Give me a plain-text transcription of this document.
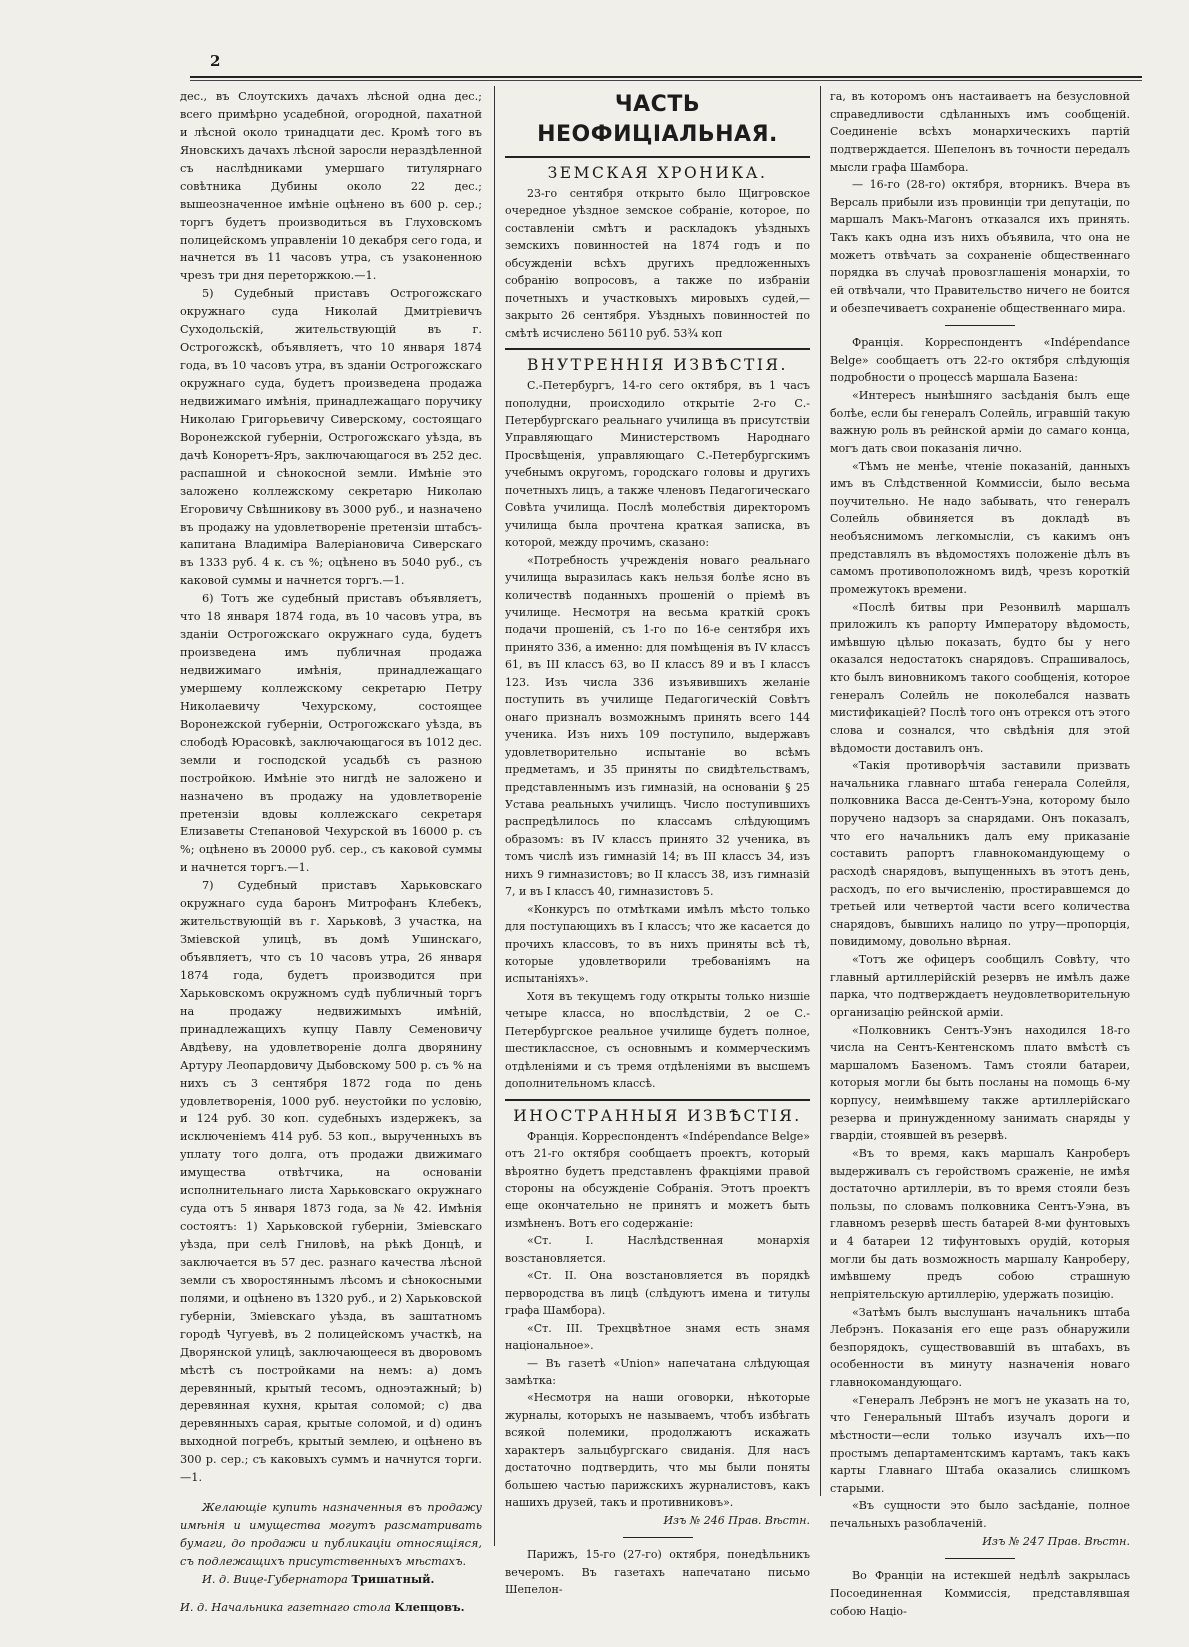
2

дес., въ Слоутскихъ дачахъ лѣсной одна дес.; всего примѣрно усадебной, огородной, пахатной и лѣсной около тринадцати дес. Кромѣ того въ Яновскихъ дачахъ лѣсной заросли нераздѣленной съ наслѣдниками умершаго титулярнаго совѣтника Дубины около 22 дес.; вышеозначенное имѣніе оцѣнено въ 600 р. сер.; торгъ будетъ производиться въ Глуховскомъ полицейскомъ управленіи 10 декабря сего года, и начнется въ 11 часовъ утра, съ узаконенною чрезъ три дня переторжкою.—1.

5) Судебный приставъ Острогожскаго окружнаго суда Николай Дмитріевичъ Суходольскій, жительствующій въ г. Острогожскѣ, объявляетъ, что 10 января 1874 года, въ 10 часовъ утра, въ зданіи Острогожскаго окружнаго суда, будетъ произведена продажа недвижимаго имѣнія, принадлежащаго поручику Николаю Григорьевичу Сиверскому, состоящаго Воронежской губерніи, Острогожскаго уѣзда, въ дачѣ Коноретъ-Яръ, заключающагося въ 252 дес. распашной и сѣнокосной земли. Имѣніе это заложено коллежскому секретарю Николаю Егоровичу Свѣшникову въ 3000 руб., и назначено въ продажу на удовлетвореніе претензіи штабсъ-капитана Владиміра Валеріановича Сиверскаго въ 1333 руб. 4 к. съ %; оцѣнено въ 5040 руб., съ каковой суммы и начнется торгъ.—1.

6) Тотъ же судебный приставъ объявляетъ, что 18 января 1874 года, въ 10 часовъ утра, въ зданіи Острогожскаго окружнаго суда, будетъ произведена имъ публичная продажа недвижимаго имѣнія, принадлежащаго умершему коллежскому секретарю Петру Николаевичу Чехурскому, состоящее Воронежской губерніи, Острогожскаго уѣзда, въ слободѣ Юрасовкѣ, заключающагося въ 1012 дес. земли и господской усадьбѣ съ разною постройкою. Имѣніе это нигдѣ не заложено и назначено въ продажу на удовлетвореніе претензіи вдовы коллежскаго секретаря Елизаветы Степановой Чехурской въ 16000 р. съ %; оцѣнено въ 20000 руб. сер., съ каковой суммы и начнется торгъ.—1.

7) Судебный приставъ Харьковскаго окружнаго суда баронъ Митрофанъ Клебекъ, жительствующій въ г. Харьковѣ, 3 участка, на Змiевской улицѣ, въ домѣ Ушинскаго, объявляетъ, что съ 10 часовъ утра, 26 января 1874 года, будетъ производится при Харьковскомъ окружномъ судѣ публичный торгъ на продажу недвижимыхъ имѣній, принадлежащихъ купцу Павлу Семеновичу Авдѣеву, на удовлетвореніе долга дворянину Артуру Леопардовичу Дыбовскому 500 р. съ % на нихъ съ 3 сентября 1872 года по день удовлетворенія, 1000 руб. неустойки по условію, и 124 руб. 30 коп. судебныхъ издержекъ, за исключеніемъ 414 руб. 53 коп., вырученныхъ въ уплату того долга, отъ продажи движимаго имущества отвѣтчика, на основаніи исполнительнаго листа Харьковскаго окружнаго суда отъ 5 января 1873 года, за № 42. Имѣнія состоятъ: 1) Харьковской губерніи, Змiевскаго уѣзда, при селѣ Гниловѣ, на рѣкѣ Донцѣ, и заключается въ 57 дес. разнаго качества лѣсной земли съ хворостяннымъ лѣсомъ и сѣнокосными полями, и оцѣнено въ 1320 руб., и 2) Харьковской губерніи, Змiевскаго уѣзда, въ заштатномъ городѣ Чугуевѣ, въ 2 полицейскомъ участкѣ, на Дворянской улицѣ, заключающееся въ дворовомъ мѣстѣ съ постройками на немъ: a) домъ деревянный, крытый тесомъ, одноэтажный; b) деревянная кухня, крытая соломой; c) два деревянныхъ сарая, крытые соломой, и d) одинъ выходной погребъ, крытый землею, и оцѣнено въ 300 р. сер.; съ каковыхъ суммъ и начнутся торги.—1.

Желающіе купить назначенныя въ продажу имѣнія и имущества могутъ разсматривать бумаги, до продажи и публикаціи относящіяся, съ подлежащихъ присутственныхъ мѣстахъ.

И. д. Вице-Губернатора Тришатный.

И. д. Начальника газетнаго стола Клепцовъ.

ЧАСТЬ НЕОФИЦІАЛЬНАЯ.
ЗЕМСКАЯ ХРОНИКА.

23-го сентября открыто было Щигровское очередное уѣздное земское собраніе, которое, по составленіи смѣтъ и раскладокъ уѣздныхъ земскихъ повинностей на 1874 годъ и по обсужденіи всѣхъ другихъ предложенныхъ собранію вопросовъ, а также по избраніи почетныхъ и участковыхъ мировыхъ судей,—закрыто 26 сентября. Уѣздныхъ повинностей по смѣтѣ исчислено 56110 руб. 53¾ коп

ВНУТРЕННІЯ ИЗВѢСТІЯ.

С.-Петербургъ, 14-го сего октября, въ 1 часъ пополудни, происходило открытіе 2-го С.-Петербургскаго реальнаго училища въ присутствіи Управляющаго Министерствомъ Народнаго Просвѣщенія, управляющаго С.-Петербургскимъ учебнымъ округомъ, городскаго головы и другихъ почетныхъ лицъ, а также членовъ Педагогическаго Совѣта училища. Послѣ молебствія директоромъ училища была прочтена краткая записка, въ которой, между прочимъ, сказано:

«Потребность учрежденія новаго реальнаго училища выразилась какъ нельзя болѣе ясно въ количествѣ поданныхъ прошеній о пріемѣ въ училище. Несмотря на весьма краткій срокъ подачи прошеній, съ 1-го по 16-е сентября ихъ принято 336, а именно: для помѣщенія въ IV классъ 61, въ III классъ 63, во II классъ 89 и въ I классъ 123. Изъ числа 336 изъявившихъ желаніе поступить въ училище Педагогическій Совѣтъ онаго призналъ возможнымъ принять всего 144 ученика. Изъ нихъ 109 поступило, выдержавъ удовлетворительно испытаніе во всѣмъ предметамъ, и 35 приняты по свидѣтельствамъ, представленнымъ изъ гимназій, на основаніи § 25 Устава реальныхъ училищъ. Число поступившихъ распредѣлилось по классамъ слѣдующимъ образомъ: въ IV классъ принято 32 ученика, въ томъ числѣ изъ гимназій 14; въ III классъ 34, изъ нихъ 9 гимназистовъ; во II классъ 38, изъ гимназій 7, и въ I классъ 40, гимназистовъ 5.

«Конкурсъ по отмѣтками имѣлъ мѣсто только для поступающихъ въ I классъ; что же касается до прочихъ классовъ, то въ нихъ приняты всѣ тѣ, которые удовлетворили требованіямъ на испытаніяхъ».

Хотя въ текущемъ году открыты только низшіе четыре класса, но впослѣдствіи, 2 ое С.-Петербургское реальное училище будетъ полное, шестиклассное, съ основнымъ и коммерческимъ отдѣленіями и съ тремя отдѣленіями въ высшемъ дополнительномъ классѣ.

ИНОСТРАННЫЯ ИЗВѢСТІЯ.

Франція. Корреспондентъ «Indépendance Belge» отъ 21-го октября сообщаетъ проектъ, который вѣроятно будетъ представленъ фракціями правой стороны на обсужденіе Собранія. Этотъ проектъ еще окончательно не принятъ и можетъ быть измѣненъ. Вотъ его содержаніе:

«Ст. I. Наслѣдственная монархія возстановляется.

«Ст. II. Она возстановляется въ порядкѣ первородства въ лицѣ (слѣдуютъ имена и титулы графа Шамбора).

«Ст. III. Трехцвѣтное знамя есть знамя національное».

— Въ газетѣ «Union» напечатана слѣдующая замѣтка:

«Несмотря на наши оговорки, нѣкоторые журналы, которыхъ не называемъ, чтобъ избѣгать всякой полемики, продолжаютъ искажать характеръ зальцбургскаго свиданія. Для насъ достаточно подтвердить, что мы были поняты большею частью парижскихъ журналистовъ, какъ нашихъ друзей, такъ и противниковъ».

Изъ № 246 Прав. Вѣстн.

Парижъ, 15-го (27-го) октября, понедѣльникъ вечеромъ. Въ газетахъ напечатано письмо Шепелон-

га, въ которомъ онъ настаиваетъ на безусловной справедливости сдѣланныхъ имъ сообщеній. Соединеніе всѣхъ монархическихъ партій подтверждается. Шепелонъ въ точности передалъ мысли графа Шамбора.

— 16-го (28-го) октября, вторникъ. Вчера въ Версаль прибыли изъ провинціи три депутаціи, по маршалъ Макъ-Магонъ отказался ихъ принять. Такъ какъ одна изъ нихъ объявила, что она не можетъ отвѣчать за сохраненіе общественнаго порядка въ случаѣ провозглашенія монархіи, то ей отвѣчали, что Правительство ничего не боится и обезпечиваетъ сохраненіе общественнаго мира.

Франція. Корреспондентъ «Indépendance Belge» сообщаетъ отъ 22-го октября слѣдующія подробности о процессѣ маршала Базена:

«Интересъ нынѣшняго засѣданія былъ еще болѣе, если бы генералъ Солейль, игравшій такую важную роль въ рейнской арміи до самаго конца, могъ дать свои показанія лично.

«Тѣмъ не менѣе, чтеніе показаній, данныхъ имъ въ Слѣдственной Коммиссіи, было весьма поучительно. Не надо забывать, что генералъ Солейль обвиняется въ докладѣ въ необъяснимомъ легкомысліи, съ какимъ онъ представлялъ въ вѣдомостяхъ положеніе дѣлъ въ самомъ противоположномъ видѣ, чрезъ короткій промежутокъ времени.

«Послѣ битвы при Резонвилѣ маршалъ приложилъ къ рапорту Императору вѣдомость, имѣвшую цѣлью показать, будто бы у него оказался недостатокъ снарядовъ. Спрашивалось, кто былъ виновникомъ такого сообщенія, которое генералъ Солейль не поколебался назвать мистификаціей? Послѣ того онъ отрекся отъ этого слова и сознался, что свѣдѣнія для этой вѣдомости доставилъ онъ.

«Такія противорѣчія заставили призвать начальника главнаго штаба генерала Солейля, полковника Васса де-Сентъ-Уэна, которому было поручено надзоръ за снарядами. Онъ показалъ, что его начальникъ далъ ему приказаніе составить рапортъ главнокомандующему о расходѣ снарядовъ, выпущенныхъ въ этотъ день, расходъ, по его вычисленію, простиравшемся до третьей или четвертой части всего количества снарядовъ, бывшихъ налицо по утру—пропорція, повидимому, довольно вѣрная.

«Тотъ же офицеръ сообщилъ Совѣту, что главный артиллерійскій резервъ не имѣлъ даже парка, что подтверждаетъ неудовлетворительную организацію рейнской арміи.

«Полковникъ Сентъ-Уэнъ находился 18-го числа на Сентъ-Кентенскомъ плато вмѣстѣ съ маршаломъ Базеномъ. Тамъ стояли батареи, которыя могли бы быть посланы на помощь 6-му корпусу, неимѣвшему также артиллерійскаго резерва и принужденному занимать снаряды у гвардіи, стоявшей въ резервѣ.

«Въ то время, какъ маршалъ Канроберъ выдерживалъ съ геройствомъ сраженіе, не имѣя достаточно артиллеріи, въ то время стояли безъ пользы, по словамъ полковника Сентъ-Уэна, въ главномъ резервѣ шесть батарей 8-ми фунтовыхъ и 4 батареи 12 тифунтовыхъ орудій, которыя могли бы дать возможность маршалу Канроберу, имѣвшему предъ собою страшную непріятельскую артиллерію, удержать позицію.

«Затѣмъ былъ выслушанъ начальникъ штаба Лебрэнъ. Показанія его еще разъ обнаружили безпорядокъ, существовавшій въ штабахъ, въ особенности въ минуту назначенія новаго главнокомандующаго.

«Генералъ Лебрэнъ не могъ не указать на то, что Генеральный Штабъ изучалъ дороги и мѣстности—если только изучалъ ихъ—по простымъ департаментскимъ картамъ, такъ какъ карты Главнаго Штаба оказались слишкомъ старыми.

«Въ сущности это было засѣданіе, полное печальныхъ разоблаченій.

Изъ № 247 Прав. Вѣстн.

Во Франціи на истекшей недѣлѣ закрылась Посоединенная Коммиссія, представлявшая собою Націо-
